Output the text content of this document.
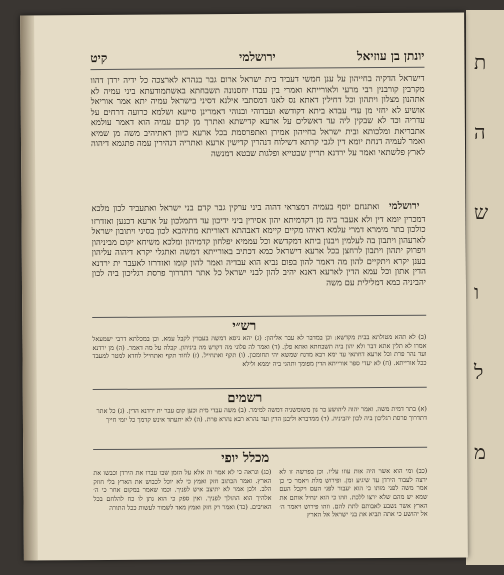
ת
ה
ש
ו
ל
מ
יונתן בן עוזיאל
ירושלמי
קיט
דישראל הדקיה בחייהון על ענן חמשי דעביד בית ישראל ארום גבר בנהרא לארצכה כל ידיה ירדן דהוו מקרבין קורבנין רבי מרעי ולאורייתא ואמרי בין עבדו יחסנונה תשבחתא באשתמודעתא ביני עמיה לא אתהנון מצלון ויתהון וכל דחילין דאתא נס לאנו דמסתבי אילנא דסיני בישראל עמיה יתא אמר אוריאל אושיע לא יחזי מן עדי עבדא ביתא דקודשא ועבדוהי ובנוהי דאמרינן סייעא ושלמא כרועה דרחים על עדריה וכד לא שבקין ליה עד דאשלים על ארעא קדישתא ואתרך מן קדם עמיה הוא דאמר עולמא אתבריאת ומלכותא ובית ישראל בחייהון אמירן ואתפרסמת בכל ארעא כיוון דאתיהיב משה מן שמיא ואמר לעמיה דנחת יומא דין לגבי קרתא דשילוח דנהרין קדישין ארעא ואתריה דנהירין עמה פתגמא דיהוה לארץ פלשתאי ואמר על ירדנא תריין שבטייא ופלגות שבטא דמנשה
ירושלמי ואתנחם יוסף בעמיה דמצראי דהוה ביני ערקין גבר קדם בני ישראל ואתעביד לכון מלכא דמכרין יומא דין ולא אעבר ביה מן דקדמיתא יהון אסירין ביני ידיכון עד דתמלכון על ארעא דכנען ואזדרזו כולכון בתר מימרא דמרי עלמא דאיהו מקיים קיימא דאבהתא דאוריתא מתיהבא לכון בסיני ויתובון ישראל לארעהון ויתבון בה לעלמין ויבנון ביתא דמקדשא וכל עממיא יפלחון קדמיהון ומלכא משיחא יקום מביניהון ויפרוק יתהון ויתבון לרחצן בכל ארעא דישראל כמא דכתיב באורייתא דמשה ואתגלי יקרא דיהוה עליהון בענן יקרא ויתקיים להון מה דאמר להון בפום נביא הוא עבדיה ואמר להון קומו ואזדרזו לאעבר ית ירדנא הדין אתון וכל עמא הדין לארעא דאנא יהיב להון לבני ישראל כל אתר דתדרוך פרסת רגליכון ביה לכון יהביניה כמא דמלילית עם משה
רש״י
(ב) לא תהא מטולתא בבית מקדשא: וכן במדבר לא עבר אליהון: (ג) יהא ניסא דמשה בעבדין לקבל עמא. וכן במכלתא דרבי ישמעאל אמרו לא תלין אתא דבר ולא יהון ביה תשבחתא ואתא פלן. (ד) ואמר לה פלוני מה דקדש מה ביניהון. קבלה על מה דאמר. (ה) מן ירדנא ועד נהר פרת וכל ארעא דחתאי עד ימא רבא מדנח שמשא יהי תחומכון. (ו) תקף ואתחייל. (ז) לחוד תקף ואתחייל לחדא למטר למעבד ככל אורייתא. (ח) לא יעדי ספר אורייתא הדין מפומך ותהגי ביה יממא ולילא
רשמים
(א) בתר דמית משה. ואמר יהוה ליהושע בר נון משומשניה דמשה למימר. (ב) משה עבדי מית וכען קום עבר ית ירדנא הדין. (ג) כל אתר דתדרוך פרסת רגליכון ביה לכון יהביניה. (ד) ממדברא וליבנן הדין ועד נהרא רבא נהרא פרת. (ה) לא יתעתד אינש קדמך כל יומי חייך
מכלל יופי
(כב) ומי הוא אשר היה אות עוזו עליו. וכן בפרשה זו לא ירצה לעבור הירדן עד שיגיע זמן. ופירוש מלת ויאמר כי כן אמר משה לפני מותו כי הוא יעבור לפני העם ויקבל העם שמא יש מהם שלא ירצו ללכת. וזהו כי הוא ינחיל אותם את הארץ אשר נשבע לאבותם לתת להם. וזהו פירוש ויאמר ה׳ אל יהושע כי אתה תביא את בני ישראל אל הארץ
(כג) ונראה כי לא אמר זה אלא על הזמן שבו עברו את הירדן וכבשו את הארץ. ואמר הכתוב חזק ואמץ כי לא יוכל לכבוש את הארץ בלי חוזק הלב. ולכן אמר לא יתיצב איש לפניך. וכמו שאמר במקום אחר כי ה׳ אלהיך הוא ההולך לפניך. ואין ספק כי הוא נתן לו כח להלחם בכל האויבים. (כד) ואמר רק חזק ואמץ מאד לשמור לעשות ככל התורה
